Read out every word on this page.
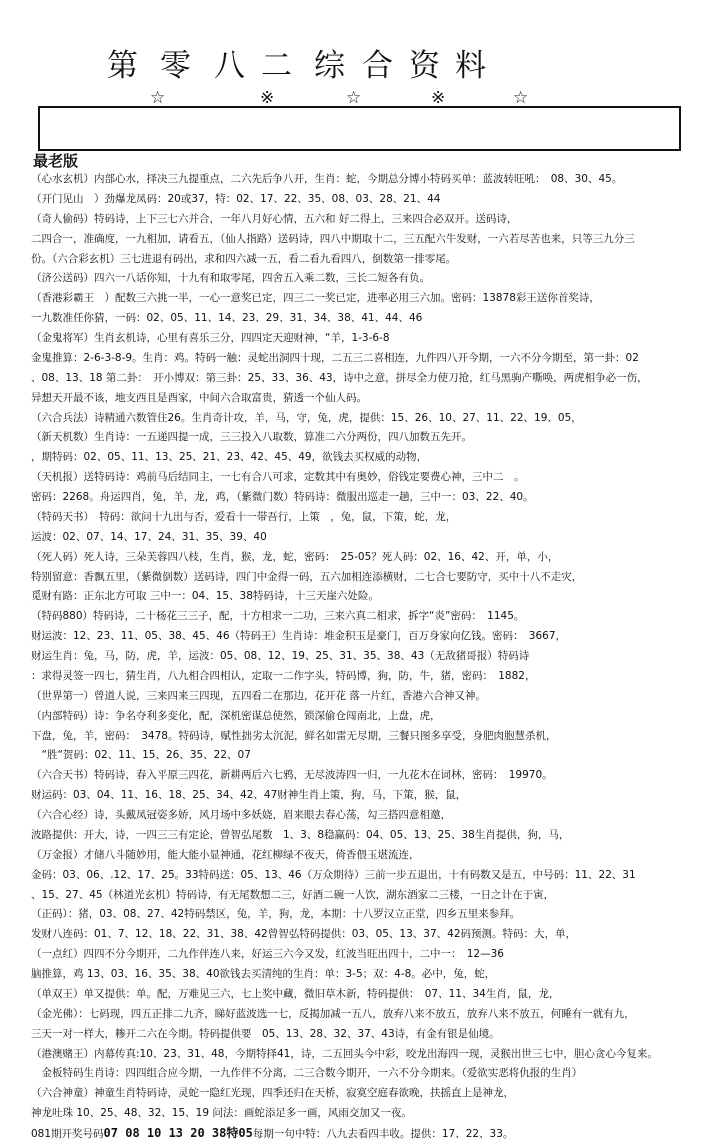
第 零 八 二 综 合 资 料
☆	※	☆	※	☆
最老版
（心水玄机）内部心水，择决三九提重点，二六先后争八开，生肖：蛇，今期总分博小特码买单：蓝波转旺吼：　08、30、45。
（开门见山　）劲爆龙凤码：20或37，特：02、17、22、35、08、03、28、21、44
（奇人偷码）特码诗，上下三七六并合，一年八月好心情，五六和 好二得上，三来四合必双开。送码诗，
二四合一，准确度，一九相加，请看五，（仙人指路）送码诗，四八中期取十二，三五配六牛发财，一六若尽苦也来，只等三九分三
份。（六合彩玄机）三七进退有码出，求和四六减一五，看二看九看四八，倒数第一排零尾。
（济公送码）四六一八话你知，十九有和取零尾，四舍五入乘二数，三长二短各有负。
（香港彩霸王　）配数三六挑一半，一心一意奖已定，四三二一奖已定，进率必用三六加。密码：13878彩王送你首奖诗，
一九数准任你猜，一码：02、05、11、14、23、29、31、34、38、41、44、46
（金鬼将军）生肖玄机诗，心里有喜乐三分，四四定天迎财神，“羊，1-3-6-8
金鬼推算：2-6-3-8-9。生肖：鸡。特码一触：灵蛇出洞四十现，二五三二喜相连，九件四八开今期，一六不分今期至，第一卦：02
、08、13、18 第二卦：　开小博双：第三卦：25、33、36、43，诗中之意，拼尽全力使刀抢，红马黑驹产嘶唤，两虎相争必一伤，
异想天开最不该，地支西且是酉家，中间六合取富贵，猜透一个仙人码。
（六合兵法）诗精通六数管住26。生肖奇计攻，羊，马，守，兔，虎，提供：15、26、10、27、11、22、19、05，
（新天机数）生肖诗：一五递四提一成，三三投入八取数，算准二六分两份，四八加数五先开。
，期特码：02、05、11、13、25、21、23、42、45、49，欲钱去买权威的动物，
（天机报）送特码诗：鸡前马后结同主，一七有合八可求，定数其中有奥妙，俗钱定要费心神，三中二　。
密码：2268。舟运四肖，兔，羊，龙，鸡，（紫微门数）特码诗：微服出巡走一趟，三中一：03、22、40。
（特码天书）　特码：欲问十九出与否，爱看十一带吾行，上策　，兔，鼠，下策，蛇，龙，
运波：02、07、14、17、24、31、35、39、40
（死人码）死人诗，三朵芙蓉四八枝，生肖，猴，龙，蛇，密码：　25-05？死人码：02、16、42、开，单，小，
特别留意：香飘五里，（紫微倒数）送码诗，四门中金得一码，五六加相连添横财，二七合七要防守，买中十八不走灾，
觅财有路：正东北方可取 三中一：04、15、38特码诗，十三天崖六处险。
（特码880）特码诗，二十杨花三三子，配，十方相求一二功，三来六真二相求，拆字“炎”密码：　1145。
财运波：12、23、11、05、38、45、46（特码王）生肖诗：堆金积玉是豪门，百万身家向亿钱。密码：　3667，
财运生肖：兔，马，防，虎，羊，运波：05、08、12、19、25、31、35、38、43（无敌猪哥报）特码诗
：求得灵签一四七，猜生肖，八九相合四相认，定取一二作字头，特码博，狗，防，牛，猪，密码：　1882，
（世界第一）曾道人说，三来四来三四现，五四看二在那边，花开花 落一片红，香港六合神又神。
（内部特码）诗：争名夺利多变化，配，深机密谋总使然，锁深偷仓闯南北，上盘，虎，
下盘，兔，羊，密码：　3478。特码诗，赋性拙劣太沉泥，鲜名如雷无尽期，三餐只图多享受，身肥肉胞慧杀机，
　“胜“贺码：02、11、15、26、35、22、07
（六合天书）特码诗，春入平原三四花，新耕两后六七鸦，无尽波涛四一归，一九花木在词林，密码：　19970。
财运码：03、04、11、16、18、25、34、42、47财神生肖上策，狗，马，下策，猴，鼠，
（六合心经）诗，头戴凤冠姿多娇，风月场中多妖娆，眉来眼去春心荡，勾三搭四意相邀，
波路提供：开大，诗，一四三三有定论，曾智弘尾数　1、3、8稳赢码：04、05、13、25、38生肖提供，狗，马，
（万金报）才储八斗随妙用，能大能小显神通，花红柳绿不夜天，倚香偎玉堪流连，
金码：03、06、.12、17、25。33特码送：05、13、46（万众期待）三前一步五退出，十有码数又是五，中号码：11、22、31
、15、27、45（林道光玄机）特码诗，有无尾数想二三，好酒二碗一人饮，湖东酒家二三楼，一日之计在于寅，
（正码）：猪，03、08、27、42特码禁区，兔，羊，狗，龙，本期：十八罗汉立正堂，四乡五里来参拜。
发财八连码：01、7、12、18、22、31、38、42曾智弘特码提供：03、05、13、37、42码预测。特码：大，单，
（一点红）四四不分今期开，二九作伴连八来，好运三六今又发，红波当旺出四十，二中一：　12—36
脑推算，鸡 13、03、16、35、38、40欲钱去买清纯的生肖：单：3-5；双：4-8。必中，兔，蛇，
（单双王）单又提供：单。配，万难见三六，七上奖中藏，微旧草木新，特码提供：　07、11、34生肖，鼠，龙，
（金光佛）：七码现，四五正排二九齐，睇好蓝波选一七，反揭加减一五八，放弃八来不放五，放弃八来不放五，何睡有一就有九，
三天一对一样大，糁开二六在今期。特码提供要　05、13、28、32、37、43诗，有金有银是仙境。
（港澳赌王）内幕传真:10、23、31、48，今期特择41，诗，二五回头今中彩，咬龙出海四一现，灵猴出世三七中，胆心贪心今复来。
　金板特码生肖诗：四四组合应今期，一九作伴不分离，二三合数今期开，一六不分今期来。（爱欲实恶将仇报的生肖）
（六合神童）神童生肖特码诗，灵蛇一隐红光现，四季还归在天桥，寂寞空庭春欲晚，扶摇直上是神龙，
神龙吐珠 10、25、48、32、15、19 问法：画蛇添足多一画，风雨交加又一夜。
081期开奖号码07 08 10 13 20 38特05每期一句中特：八九去看四丰收。提供：17、22、33。
